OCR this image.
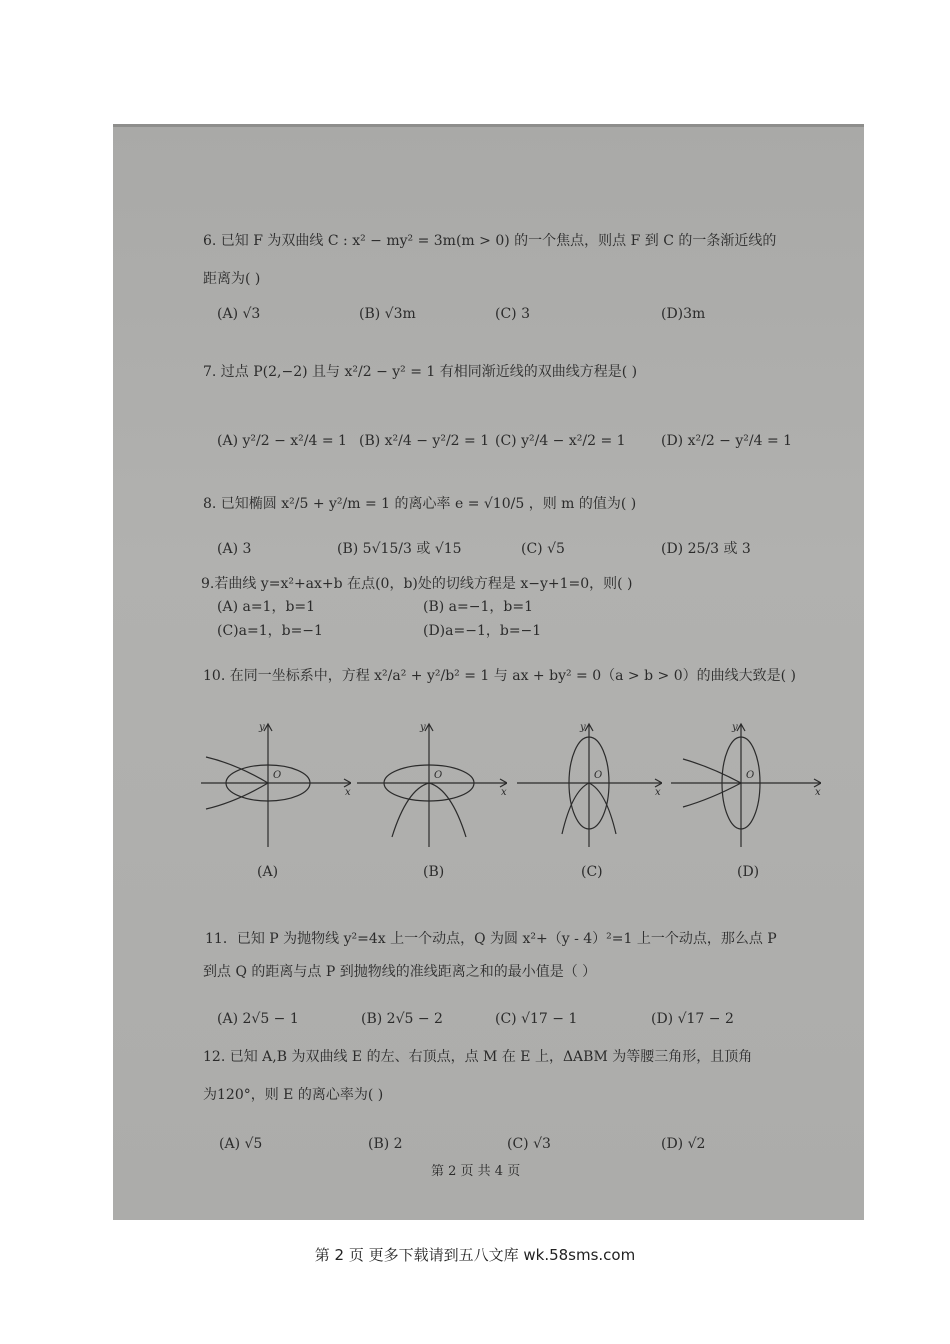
6. 已知 F 为双曲线 C : x² − my² = 3m(m > 0) 的一个焦点，则点 F 到 C 的一条渐近线的
距离为( )
(A) √3	(B) √3m	(C) 3	(D)3m
7. 过点 P(2,−2) 且与 x²/2 − y² = 1 有相同渐近线的双曲线方程是( )
(A) y²/2 − x²/4 = 1 (B) x²/4 − y²/2 = 1 (C) y²/4 − x²/2 = 1	(D) x²/2 − y²/4 = 1
8. 已知椭圆 x²/5 + y²/m = 1 的离心率 e = √10/5 ，则 m 的值为( )
(A) 3	(B) 5√15/3 或 √15	(C) √5	(D) 25/3 或 3
9.若曲线 y=x²+ax+b 在点(0，b)处的切线方程是 x−y+1=0，则( )
(A) a=1，b=1	(B) a=−1，b=1
(C)a=1，b=−1	(D)a=−1，b=−1
10. 在同一坐标系中，方程 x²/a² + y²/b² = 1 与 ax + by² = 0（a > b > 0）的曲线大致是( )
y
x
O
y
x
O
y
x
O
y
x
O
(A)	(B)	(C)	(D)
11．已知 P 为抛物线 y²=4x 上一个动点，Q 为圆 x²+（y - 4）²=1 上一个动点，那么点 P
到点 Q 的距离与点 P 到抛物线的准线距离之和的最小值是（ ）
(A) 2√5 − 1	(B) 2√5 − 2	(C) √17 − 1	(D) √17 − 2
12. 已知 A,B 为双曲线 E 的左、右顶点，点 M 在 E 上，ΔABM 为等腰三角形，且顶角
为120°，则 E 的离心率为( )
(A) √5	(B) 2	(C) √3	(D) √2
第 2 页 共 4 页
第 2 页 更多下载请到五八文库 wk.58sms.com
